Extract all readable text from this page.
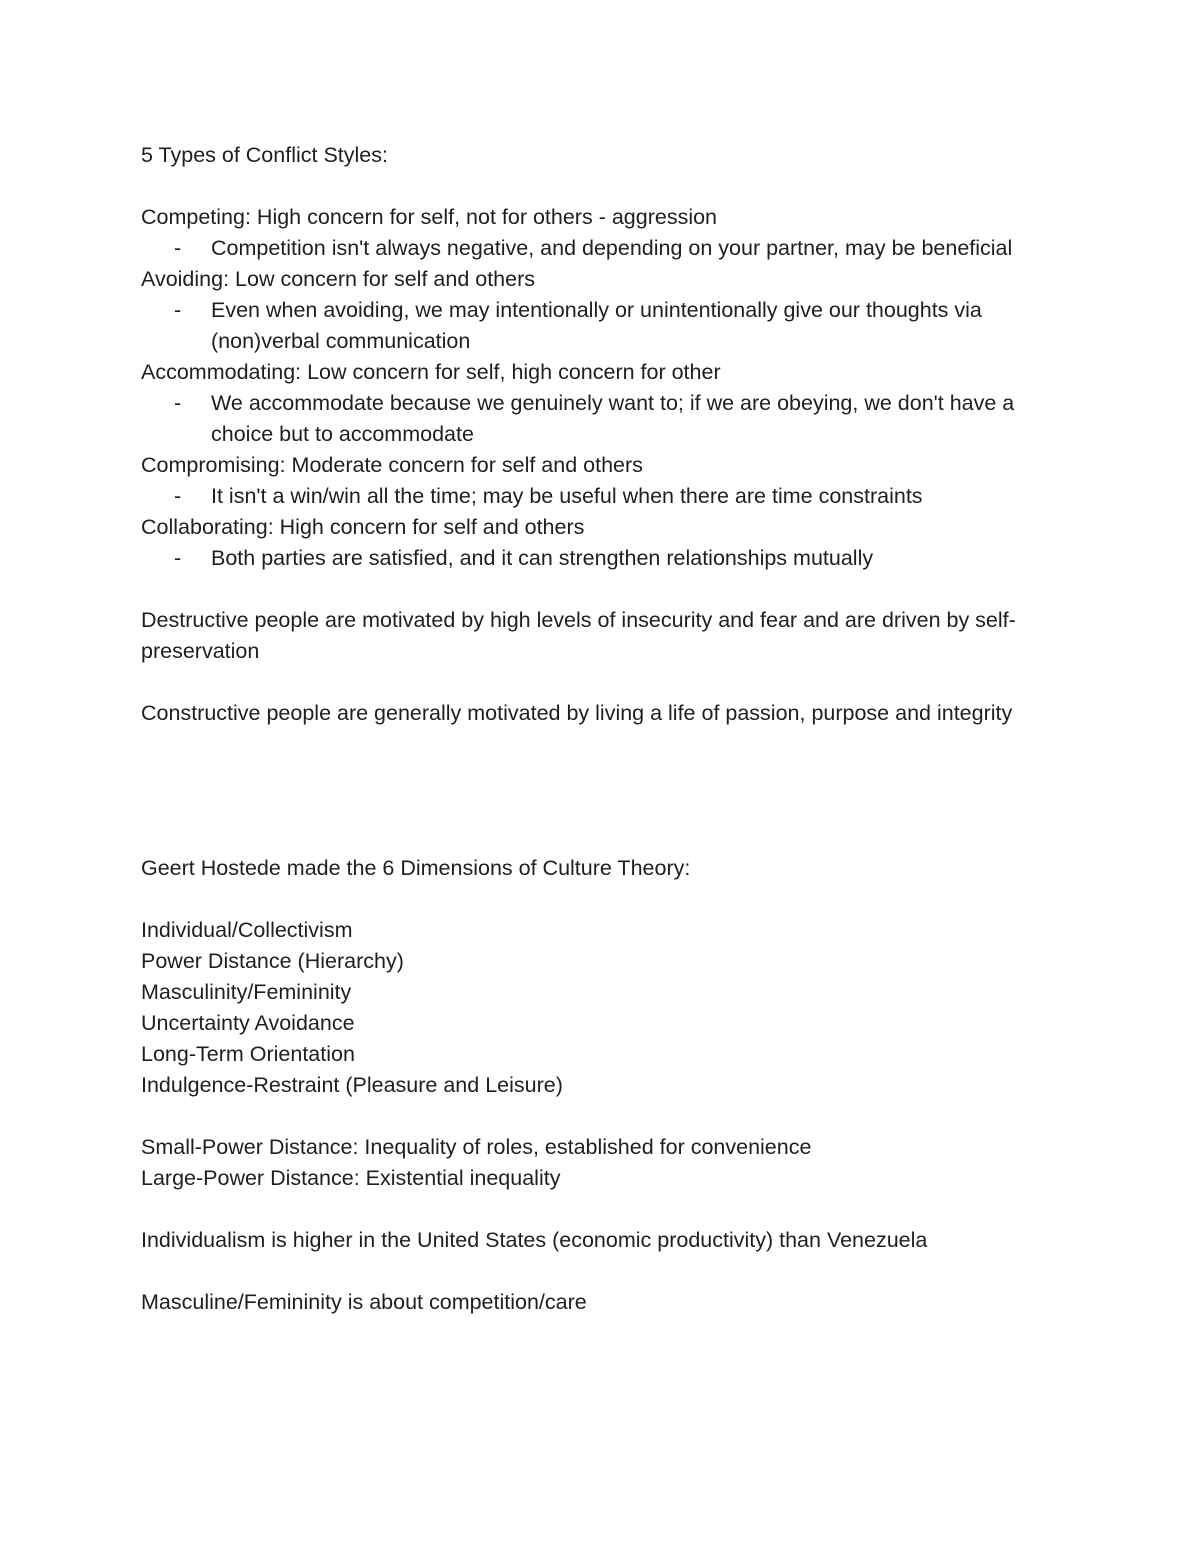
5 Types of Conflict Styles:
Competing: High concern for self, not for others - aggression
- Competition isn't always negative, and depending on your partner, may be beneficial
Avoiding: Low concern for self and others
- Even when avoiding, we may intentionally or unintentionally give our thoughts via (non)verbal communication
Accommodating: Low concern for self, high concern for other
- We accommodate because we genuinely want to; if we are obeying, we don't have a choice but to accommodate
Compromising: Moderate concern for self and others
- It isn't a win/win all the time; may be useful when there are time constraints
Collaborating: High concern for self and others
- Both parties are satisfied, and it can strengthen relationships mutually
Destructive people are motivated by high levels of insecurity and fear and are driven by self-preservation
Constructive people are generally motivated by living a life of passion, purpose and integrity
Geert Hostede made the 6 Dimensions of Culture Theory:
Individual/Collectivism
Power Distance (Hierarchy)
Masculinity/Femininity
Uncertainty Avoidance
Long-Term Orientation
Indulgence-Restraint (Pleasure and Leisure)
Small-Power Distance: Inequality of roles, established for convenience
Large-Power Distance: Existential inequality
Individualism is higher in the United States (economic productivity) than Venezuela
Masculine/Femininity is about competition/care
